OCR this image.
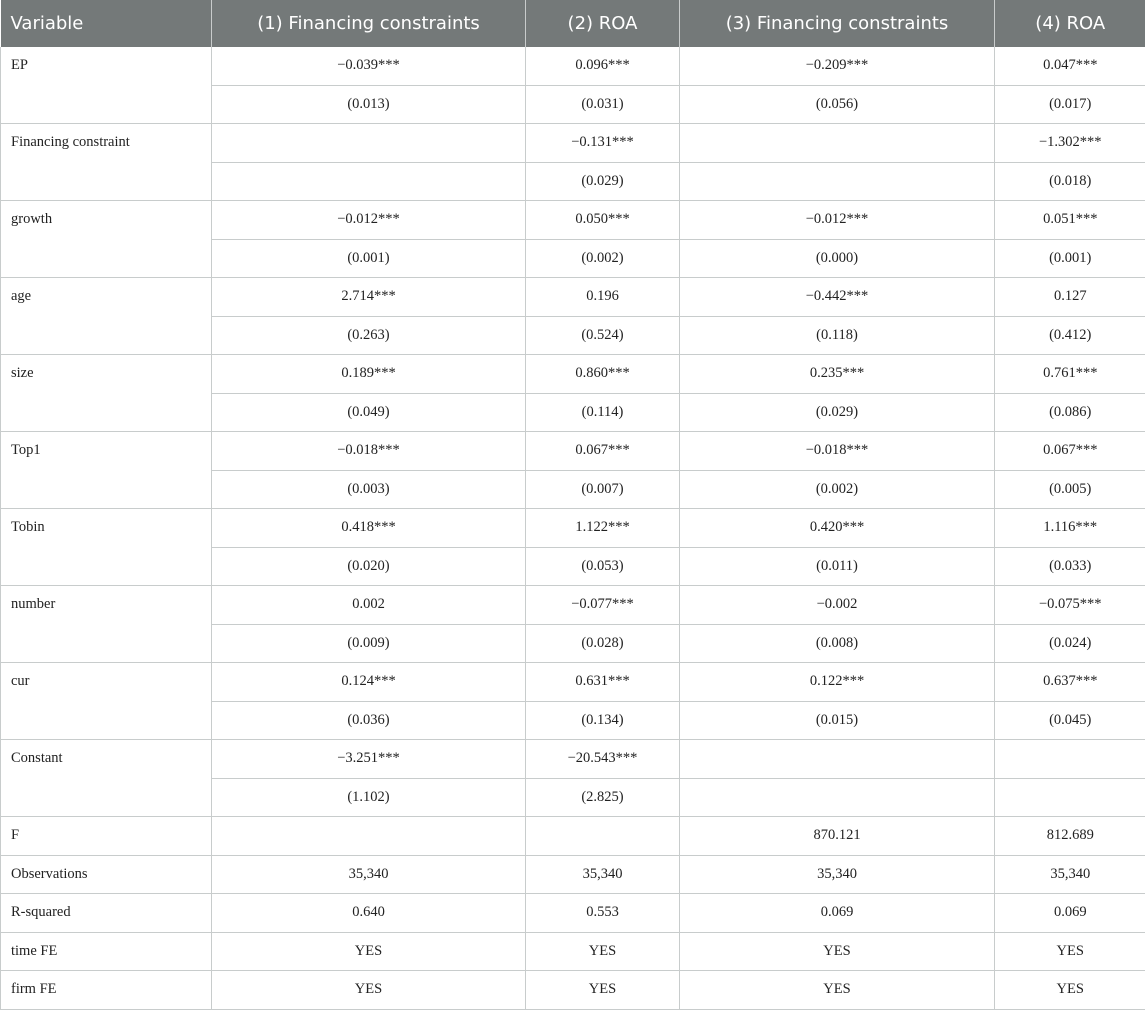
Variable	(1) Financing constraints	(2) ROA	(3) Financing constraints	(4) ROA
EP	−0.039***	0.096***	−0.209***	0.047***
	(0.013)	(0.031)	(0.056)	(0.017)
Financing constraint		−0.131***		−1.302***
		(0.029)		(0.018)
growth	−0.012***	0.050***	−0.012***	0.051***
	(0.001)	(0.002)	(0.000)	(0.001)
age	2.714***	0.196	−0.442***	0.127
	(0.263)	(0.524)	(0.118)	(0.412)
size	0.189***	0.860***	0.235***	0.761***
	(0.049)	(0.114)	(0.029)	(0.086)
Top1	−0.018***	0.067***	−0.018***	0.067***
	(0.003)	(0.007)	(0.002)	(0.005)
Tobin	0.418***	1.122***	0.420***	1.116***
	(0.020)	(0.053)	(0.011)	(0.033)
number	0.002	−0.077***	−0.002	−0.075***
	(0.009)	(0.028)	(0.008)	(0.024)
cur	0.124***	0.631***	0.122***	0.637***
	(0.036)	(0.134)	(0.015)	(0.045)
Constant	−3.251***	−20.543***		
	(1.102)	(2.825)		
F			870.121	812.689
Observations	35,340	35,340	35,340	35,340
R-squared	0.640	0.553	0.069	0.069
time FE	YES	YES	YES	YES
firm FE	YES	YES	YES	YES
